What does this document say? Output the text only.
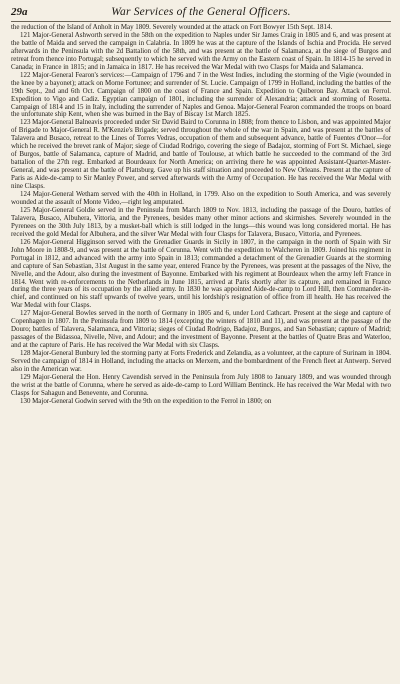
29a	War Services of the General Officers.

the reduction of the Island of Anholt in May 1809. Severely wounded at the attack on Fort Bowyer 15th Sept. 1814.

121 Major-General Ashworth served in the 58th on the expedition to Naples under Sir James Craig in 1805 and 6, and was present at the battle of Maida and served the campaign in Calabria. In 1809 he was at the capture of the Islands of Ischia and Procida. He served afterwards in the Peninsula with the 2d Battalion of the 58th, and was present at the battle of Salamanca, at the siege of Burgos and retreat from thence into Portugal; subsequently to which he served with the Army on the Eastern coast of Spain. In 1814-15 he served in Canada; in France in 1815; and in Jamaica in 1817. He has received the War Medal with two Clasps for Maida and Salamanca.

122 Major-General Fearon's services:—Campaign of 1796 and 7 in the West Indies, including the storming of the Vigie (wounded in the knee by a bayonet); attack on Morne Fortunee; and surrender of St. Lucie. Campaign of 1799 in Holland, including the battles of the 19th Sept., 2nd and 6th Oct. Campaign of 1800 on the coast of France and Spain. Expedition to Quiberon Bay. Attack on Ferrol. Expedition to Vigo and Cadiz. Egyptian campaign of 1801, including the surrender of Alexandria; attack and storming of Rosetta. Campaign of 1814 and 15 in Italy, including the surrender of Naples and Genoa. Major-General Fearon commanded the troops on board the unfortunate ship Kent, when she was burned in the Bay of Biscay 1st March 1825.

123 Major-General Balneavis proceeded under Sir David Baird to Corunna in 1808; from thence to Lisbon, and was appointed Major of Brigade to Major-General R. M'Kenzie's Brigade; served throughout the whole of the war in Spain, and was present at the battles of Talavera and Busaco, retreat to the Lines of Torres Vedras, occupation of them and subsequent advance, battle of Fuentes d'Onor—for which he received the brevet rank of Major; siege of Ciudad Rodrigo, covering the siege of Badajoz, storming of Fort St. Michael, siege of Burgos, battle of Salamanca, capture of Madrid, and battle of Toulouse, at which battle he succeeded to the command of the 3rd battalion of the 27th regt. Embarked at Bourdeaux for North America; on arriving there he was appointed Assistant-Quarter-Master-General, and was present at the battle of Plattsburg. Gave up his staff situation and proceeded to New Orleans. Present at the capture of Paris as Aide-de-camp to Sir Manley Power, and served afterwards with the Army of Occupation. He has received the War Medal with nine Clasps.

124 Major-General Wetham served with the 40th in Holland, in 1799. Also on the expedition to South America, and was severely wounded at the assault of Monte Video,—right leg amputated.

125 Major-General Goldie served in the Peninsula from March 1809 to Nov. 1813, including the passage of the Douro, battles of Talavera, Busaco, Albuhera, Vittoria, and the Pyrenees, besides many other minor actions and skirmishes. Severely wounded in the Pyrenees on the 30th July 1813, by a musket-ball which is still lodged in the lungs—this wound was long considered mortal. He has received the gold Medal for Albuhera, and the silver War Medal with four Clasps for Talavera, Busaco, Vittoria, and Pyrenees.

126 Major-General Higginson served with the Grenadier Guards in Sicily in 1807, in the campaign in the north of Spain with Sir John Moore in 1808-9, and was present at the battle of Corunna. Went with the expedition to Walcheren in 1809. Joined his regiment in Portugal in 1812, and advanced with the army into Spain in 1813; commanded a detachment of the Grenadier Guards at the storming and capture of San Sebastian, 31st August in the same year, entered France by the Pyrenees, was present at the passages of the Nive, the Nivelle, and the Adour, also during the investment of Bayonne. Embarked with his regiment at Bourdeaux when the army left France in 1814. Went with re-enforcements to the Netherlands in June 1815, arrived at Paris shortly after its capture, and remained in France during the three years of its occupation by the allied army. In 1830 he was appointed Aide-de-camp to Lord Hill, then Commander-in-chief, and continued on his staff upwards of twelve years, until his lordship's resignation of office from ill health. He has received the War Medal with four Clasps.

127 Major-General Bowles served in the north of Germany in 1805 and 6, under Lord Cathcart. Present at the siege and capture of Copenhagen in 1807. In the Peninsula from 1809 to 1814 (excepting the winters of 1810 and 11), and was present at the passage of the Douro; battles of Talavera, Salamanca, and Vittoria; sieges of Ciudad Rodrigo, Badajoz, Burgos, and San Sebastian; capture of Madrid; passages of the Bidassoa, Nivelle, Nive, and Adour; and the investment of Bayonne. Present at the battles of Quatre Bras and Waterloo, and at the capture of Paris. He has received the War Medal with six Clasps.

128 Major-General Bunbury led the storming party at Forts Frederick and Zelandia, as a volunteer, at the capture of Surinam in 1804. Served the campaign of 1814 in Holland, including the attacks on Merxem, and the bombardment of the French fleet at Antwerp. Served also in the American war.

129 Major-General the Hon. Henry Cavendish served in the Peninsula from July 1808 to January 1809, and was wounded through the wrist at the battle of Corunna, where he served as aide-de-camp to Lord William Bentinck. He has received the War Medal with two Clasps for Sahagun and Benevente, and Corunna.

130 Major-General Godwin served with the 9th on the expedition to the Ferrol in 1800; on
